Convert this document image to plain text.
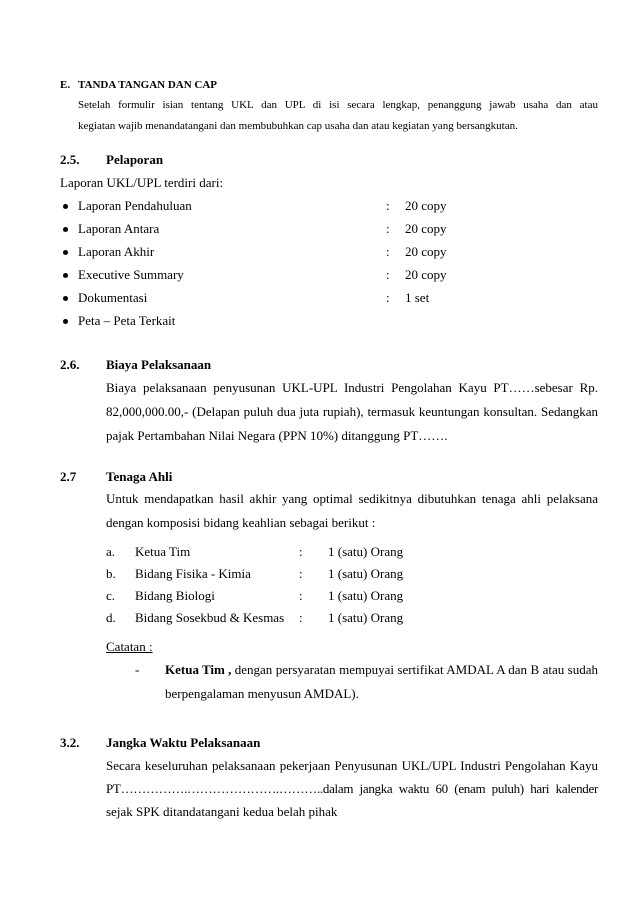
E. TANDA TANGAN DAN CAP
Setelah formulir isian tentang UKL dan UPL di isi secara lengkap, penanggung jawab usaha dan atau
kegiatan wajib menandatangani dan membubuhkan cap usaha dan atau kegiatan yang bersangkutan.
2.5. Pelaporan
Laporan UKL/UPL terdiri dari:
Laporan Pendahuluan	: 20 copy
Laporan Antara	: 20 copy
Laporan Akhir	: 20 copy
Executive Summary	: 20 copy
Dokumentasi	: 1 set
Peta – Peta Terkait
2.6. Biaya Pelaksanaan
Biaya pelaksanaan penyusunan UKL-UPL Industri Pengolahan Kayu PT……sebesar Rp.
82,000,000.00,- (Delapan puluh dua juta rupiah), termasuk keuntungan konsultan. Sedangkan
pajak Pertambahan Nilai Negara (PPN 10%) ditanggung PT…….
2.7 Tenaga Ahli
Untuk mendapatkan hasil akhir yang optimal sedikitnya dibutuhkan tenaga ahli pelaksana
dengan komposisi bidang keahlian sebagai berikut :
a. Ketua Tim	: 1 (satu) Orang
b. Bidang Fisika - Kimia	: 1 (satu) Orang
c. Bidang Biologi	: 1 (satu) Orang
d. Bidang Sosekbud & Kesmas : 1 (satu) Orang
Catatan :
- Ketua Tim , dengan persyaratan mempuyai sertifikat AMDAL A dan B atau sudah
berpengalaman menyusun AMDAL).
3.2. Jangka Waktu Pelaksanaan
Secara keseluruhan pelaksanaan pekerjaan Penyusunan UKL/UPL Industri Pengolahan Kayu
PT…………….………………….………..dalam jangka waktu 60 (enam puluh) hari kalender
sejak SPK ditandatangani kedua belah pihak
